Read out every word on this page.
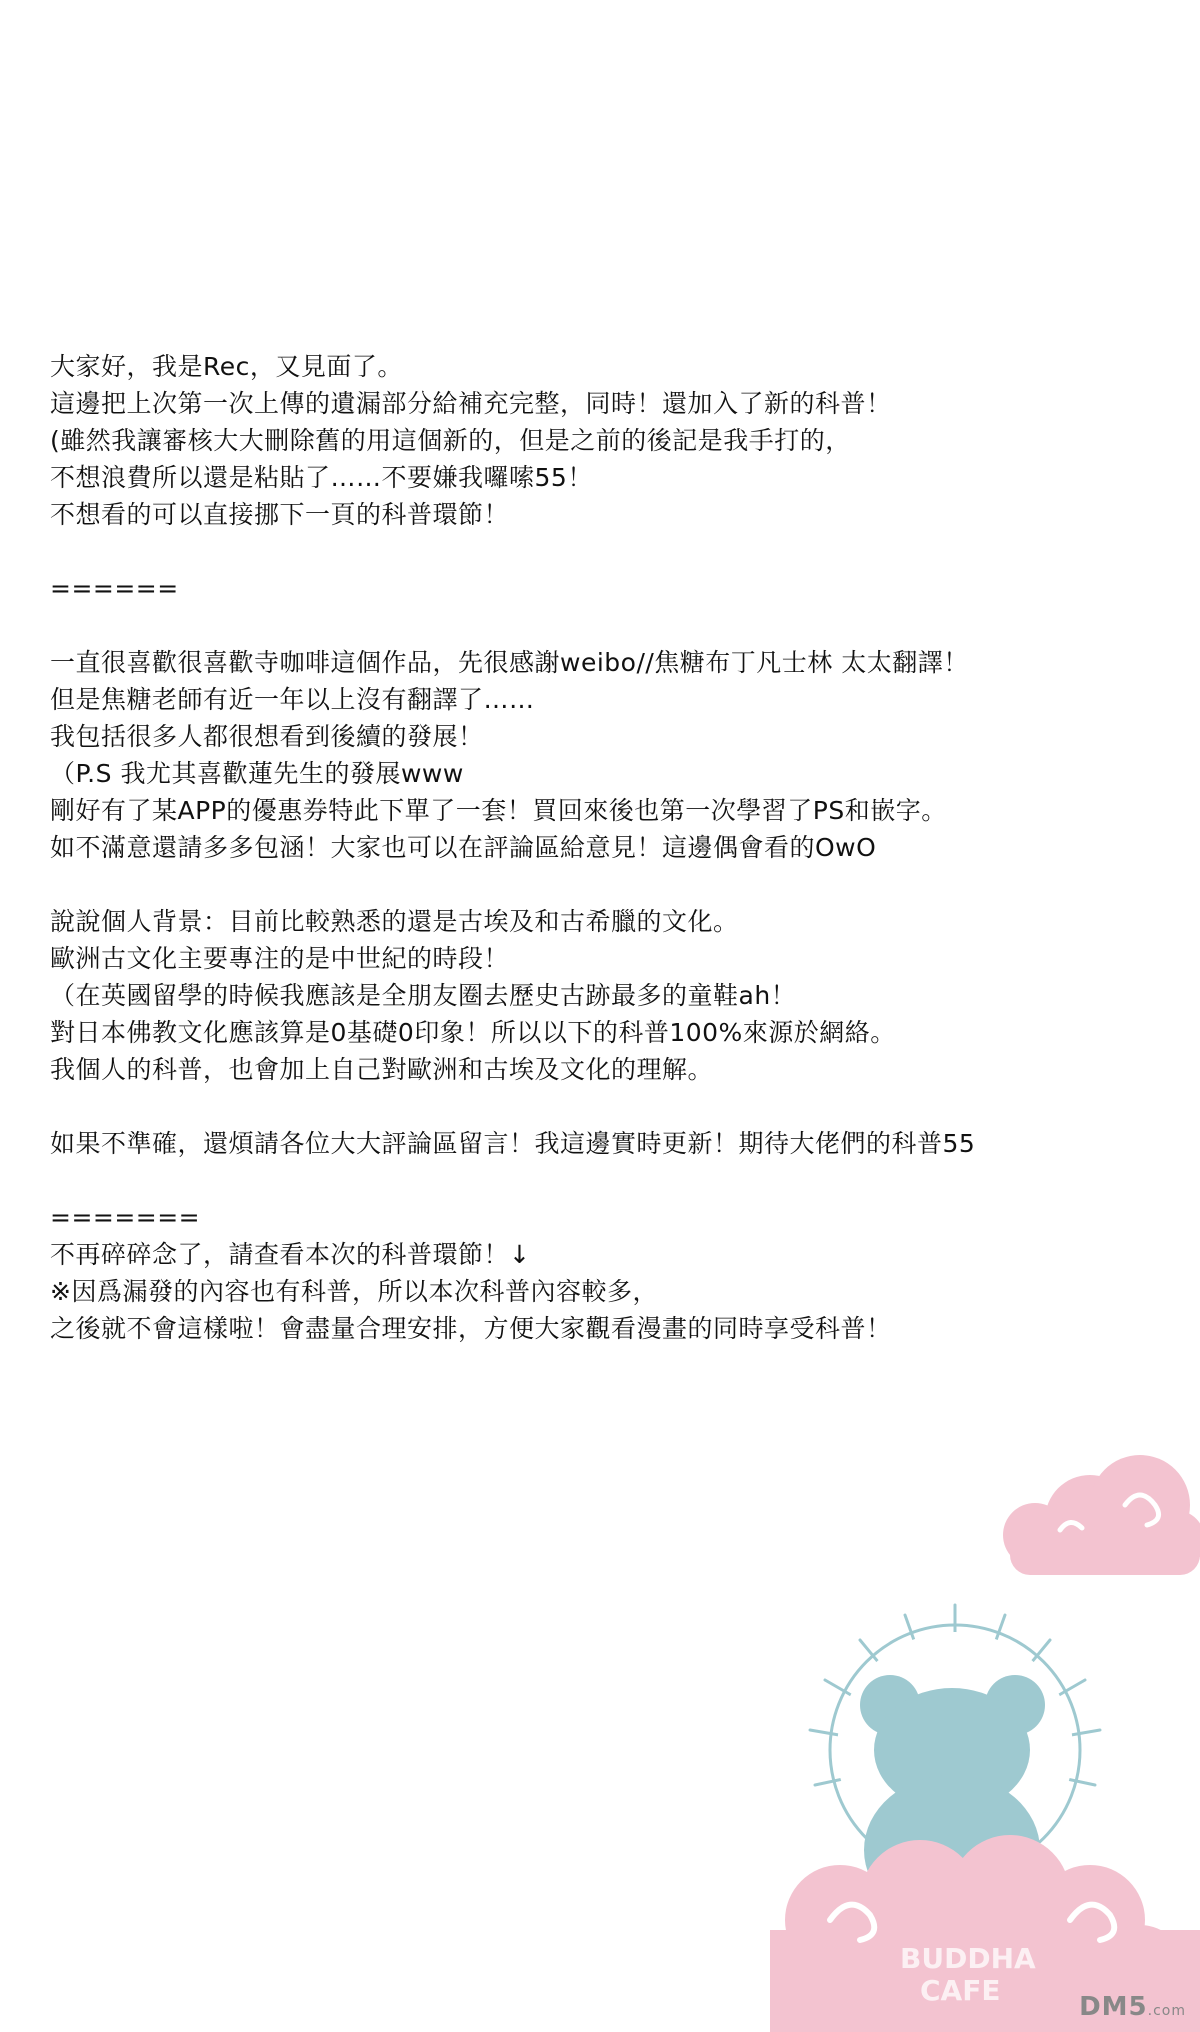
大家好，我是Rec，又見面了。
這邊把上次第一次上傳的遺漏部分給補充完整，同時！還加入了新的科普！
(雖然我讓審核大大刪除舊的用這個新的，但是之前的後記是我手打的，
不想浪費所以還是粘貼了……不要嫌我囉嗦55！
不想看的可以直接挪下一頁的科普環節！
======
一直很喜歡很喜歡寺咖啡這個作品，先很感謝weibo//焦糖布丁凡士林 太太翻譯！
但是焦糖老師有近一年以上沒有翻譯了……
我包括很多人都很想看到後續的發展！
（P.S 我尤其喜歡蓮先生的發展www
剛好有了某APP的優惠券特此下單了一套！買回來後也第一次學習了PS和嵌字。
如不滿意還請多多包涵！大家也可以在評論區給意見！這邊偶會看的OwO
說說個人背景：目前比較熟悉的還是古埃及和古希臘的文化。
歐洲古文化主要專注的是中世紀的時段！
（在英國留學的時候我應該是全朋友圈去歷史古跡最多的童鞋ah！
對日本佛教文化應該算是0基礎0印象！所以以下的科普100%來源於網絡。
我個人的科普，也會加上自己對歐洲和古埃及文化的理解。
如果不準確，還煩請各位大大評論區留言！我這邊實時更新！期待大佬們的科普55
=======
不再碎碎念了，請查看本次的科普環節！↓
※因爲漏發的內容也有科普，所以本次科普內容較多，
之後就不會這樣啦！會盡量合理安排，方便大家觀看漫畫的同時享受科普！
BUDDHA
CAFE	DM5.com
